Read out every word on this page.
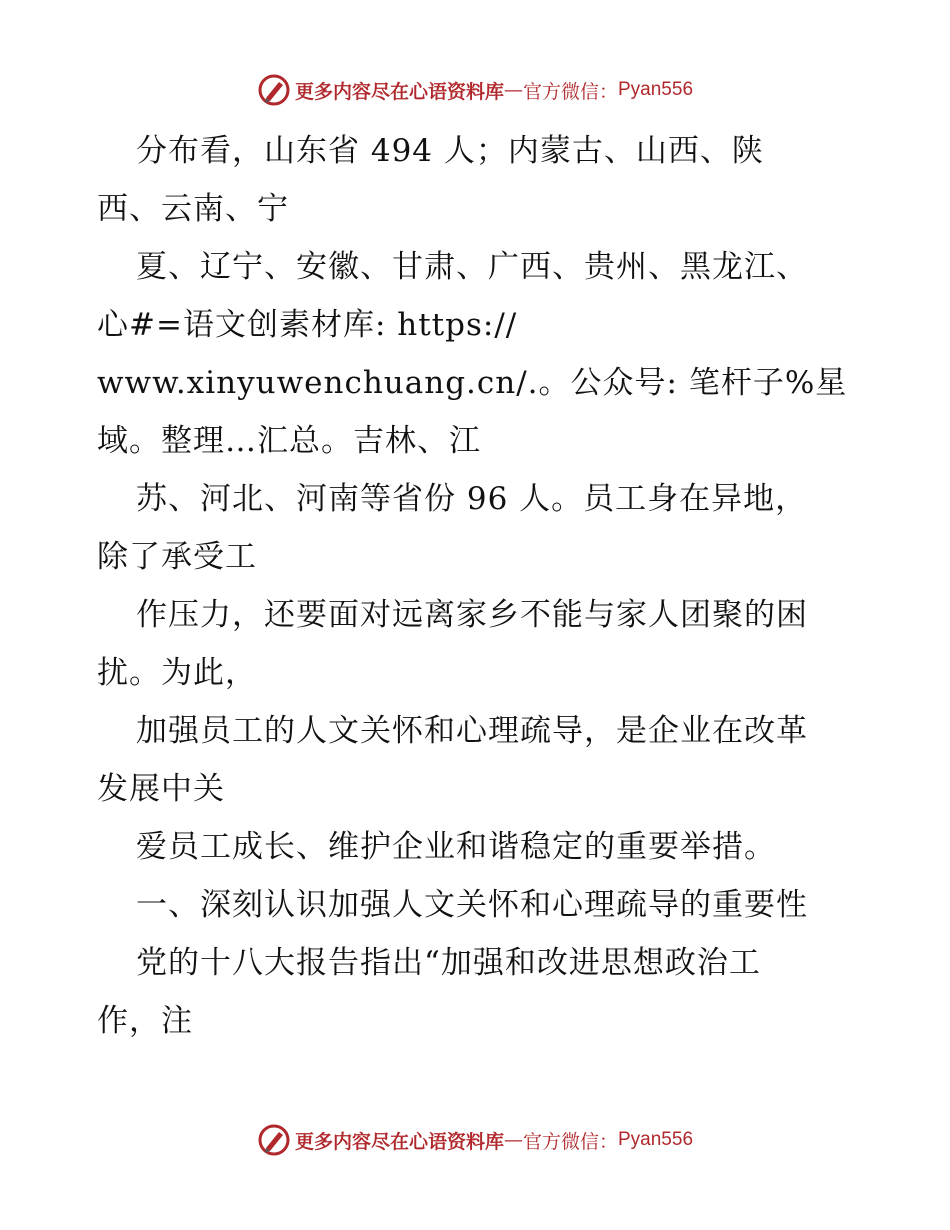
更多内容尽在心语资料库 — 官方微信： Pyan556
分布看，山东省 494 人；内蒙古、山西、陕
西、云南、宁
夏、辽宁、安徽、甘肃、广西、贵州、黑龙江、
心#=语文创素材库: https://
www.xinyuwenchuang.cn/.。公众号: 笔杆子%星
域。整理…汇总。吉林、江
苏、河北、河南等省份 96 人。员工身在异地，
除了承受工
作压力，还要面对远离家乡不能与家人团聚的困
扰。为此，
加强员工的人文关怀和心理疏导，是企业在改革
发展中关
爱员工成长、维护企业和谐稳定的重要举措。
一、深刻认识加强人文关怀和心理疏导的重要性
党的十八大报告指出“加强和改进思想政治工
作，注
更多内容尽在心语资料库 — 官方微信： Pyan556
